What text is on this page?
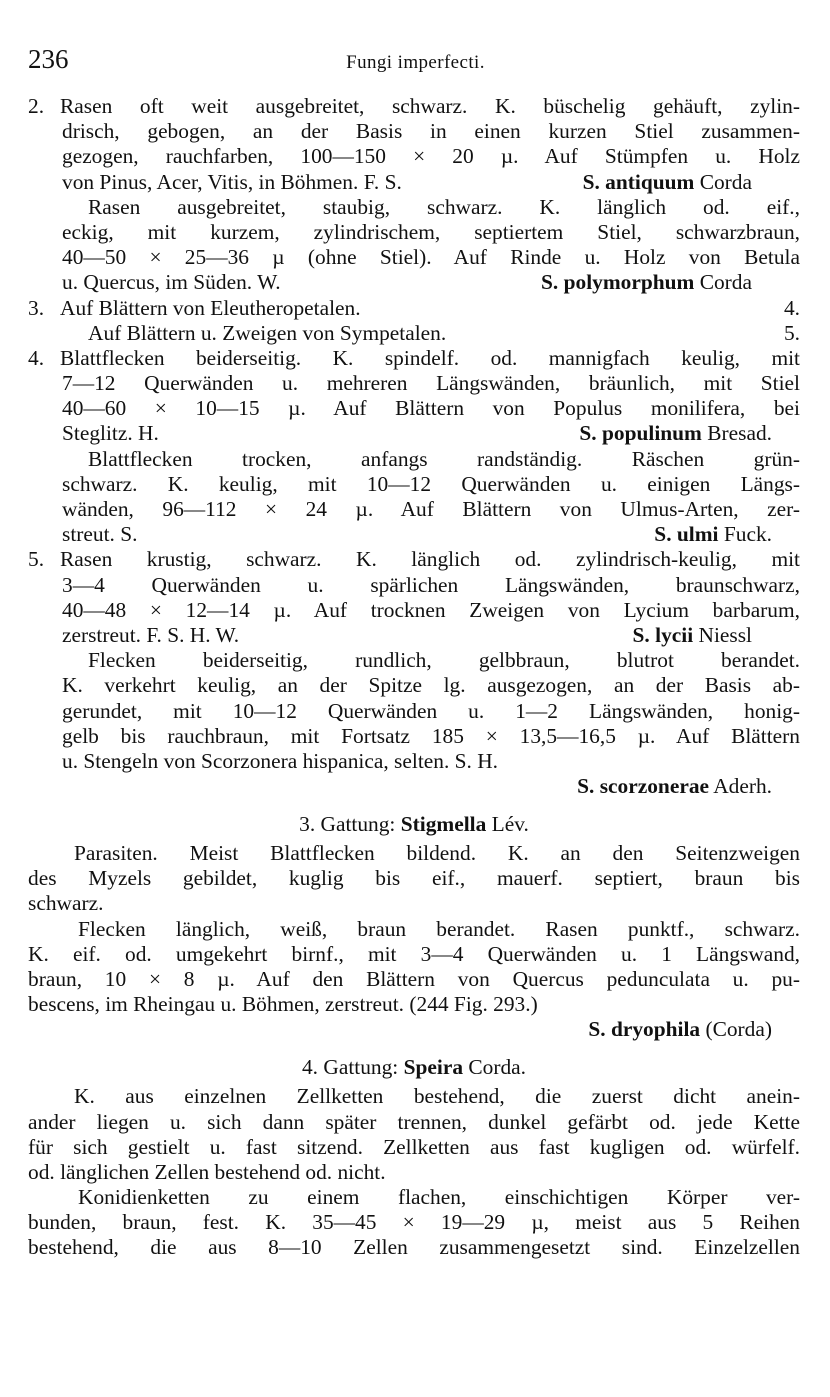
236	Fungi imperfecti.
2. Rasen oft weit ausgebreitet, schwarz. K. büschelig gehäuft, zylin-
drisch, gebogen, an der Basis in einen kurzen Stiel zusammen-
gezogen, rauchfarben, 100—150 × 20 µ. Auf Stümpfen u. Holz
von Pinus, Acer, Vitis, in Böhmen. F. S.	S. antiquum Corda
Rasen ausgebreitet, staubig, schwarz. K. länglich od. eif.,
eckig, mit kurzem, zylindrischem, septiertem Stiel, schwarzbraun,
40—50 × 25—36 µ (ohne Stiel). Auf Rinde u. Holz von Betula
u. Quercus, im Süden. W.	S. polymorphum Corda
3. Auf Blättern von Eleutheropetalen.	4.
Auf Blättern u. Zweigen von Sympetalen.	5.
4. Blattflecken beiderseitig. K. spindelf. od. mannigfach keulig, mit
7—12 Querwänden u. mehreren Längswänden, bräunlich, mit Stiel
40—60 × 10—15 µ. Auf Blättern von Populus monilifera, bei
Steglitz. H.	S. populinum Bresad.
Blattflecken trocken, anfangs randständig. Räschen grün-
schwarz. K. keulig, mit 10—12 Querwänden u. einigen Längs-
wänden, 96—112 × 24 µ. Auf Blättern von Ulmus-Arten, zer-
streut. S.	S. ulmi Fuck.
5. Rasen krustig, schwarz. K. länglich od. zylindrisch-keulig, mit
3—4 Querwänden u. spärlichen Längswänden, braunschwarz,
40—48 × 12—14 µ. Auf trocknen Zweigen von Lycium barbarum,
zerstreut. F. S. H. W.	S. lycii Niessl
Flecken beiderseitig, rundlich, gelbbraun, blutrot berandet.
K. verkehrt keulig, an der Spitze lg. ausgezogen, an der Basis ab-
gerundet, mit 10—12 Querwänden u. 1—2 Längswänden, honig-
gelb bis rauchbraun, mit Fortsatz 185 × 13,5—16,5 µ. Auf Blättern
u. Stengeln von Scorzonera hispanica, selten. S. H.
S. scorzonerae Aderh.
3. Gattung: Stigmella Lév.
Parasiten. Meist Blattflecken bildend. K. an den Seitenzweigen
des Myzels gebildet, kuglig bis eif., mauerf. septiert, braun bis
schwarz.
Flecken länglich, weiß, braun berandet. Rasen punktf., schwarz.
K. eif. od. umgekehrt birnf., mit 3—4 Querwänden u. 1 Längswand,
braun, 10 × 8 µ. Auf den Blättern von Quercus pedunculata u. pu-
bescens, im Rheingau u. Böhmen, zerstreut. (244 Fig. 293.)
S. dryophila (Corda)
4. Gattung: Speira Corda.
K. aus einzelnen Zellketten bestehend, die zuerst dicht anein-
ander liegen u. sich dann später trennen, dunkel gefärbt od. jede Kette
für sich gestielt u. fast sitzend. Zellketten aus fast kugligen od. würfelf.
od. länglichen Zellen bestehend od. nicht.
Konidienketten zu einem flachen, einschichtigen Körper ver-
bunden, braun, fest. K. 35—45 × 19—29 µ, meist aus 5 Reihen
bestehend, die aus 8—10 Zellen zusammengesetzt sind. Einzelzellen
